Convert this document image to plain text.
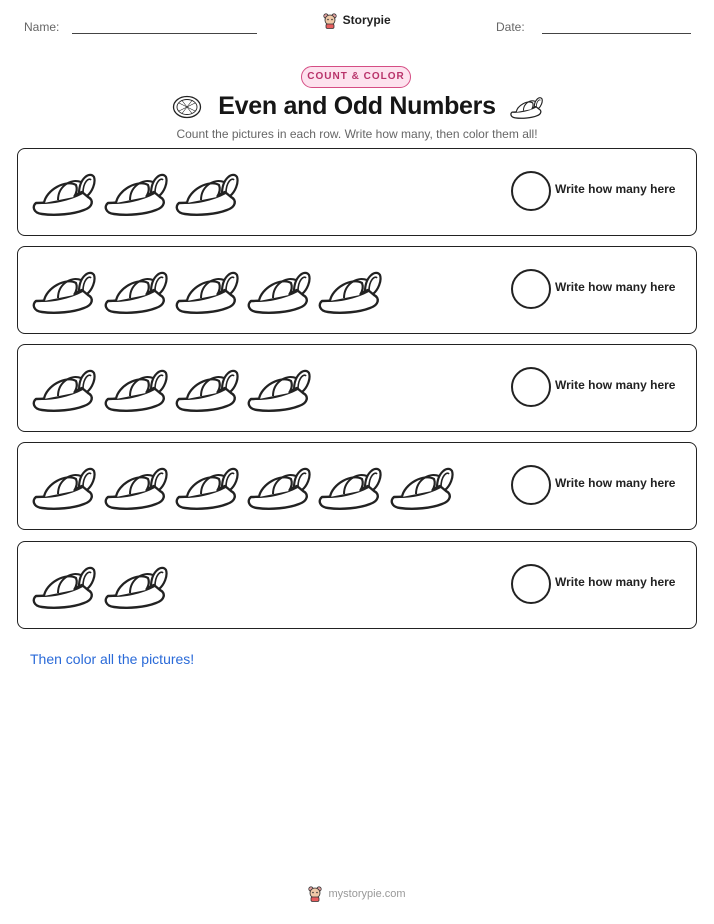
Name:	Storypie	Date:
COUNT & COLOR
Even and Odd Numbers
Count the pictures in each row. Write how many, then color them all!
Write how many here
Write how many here
Write how many here
Write how many here
Write how many here
Then color all the pictures!
mystorypie.com
